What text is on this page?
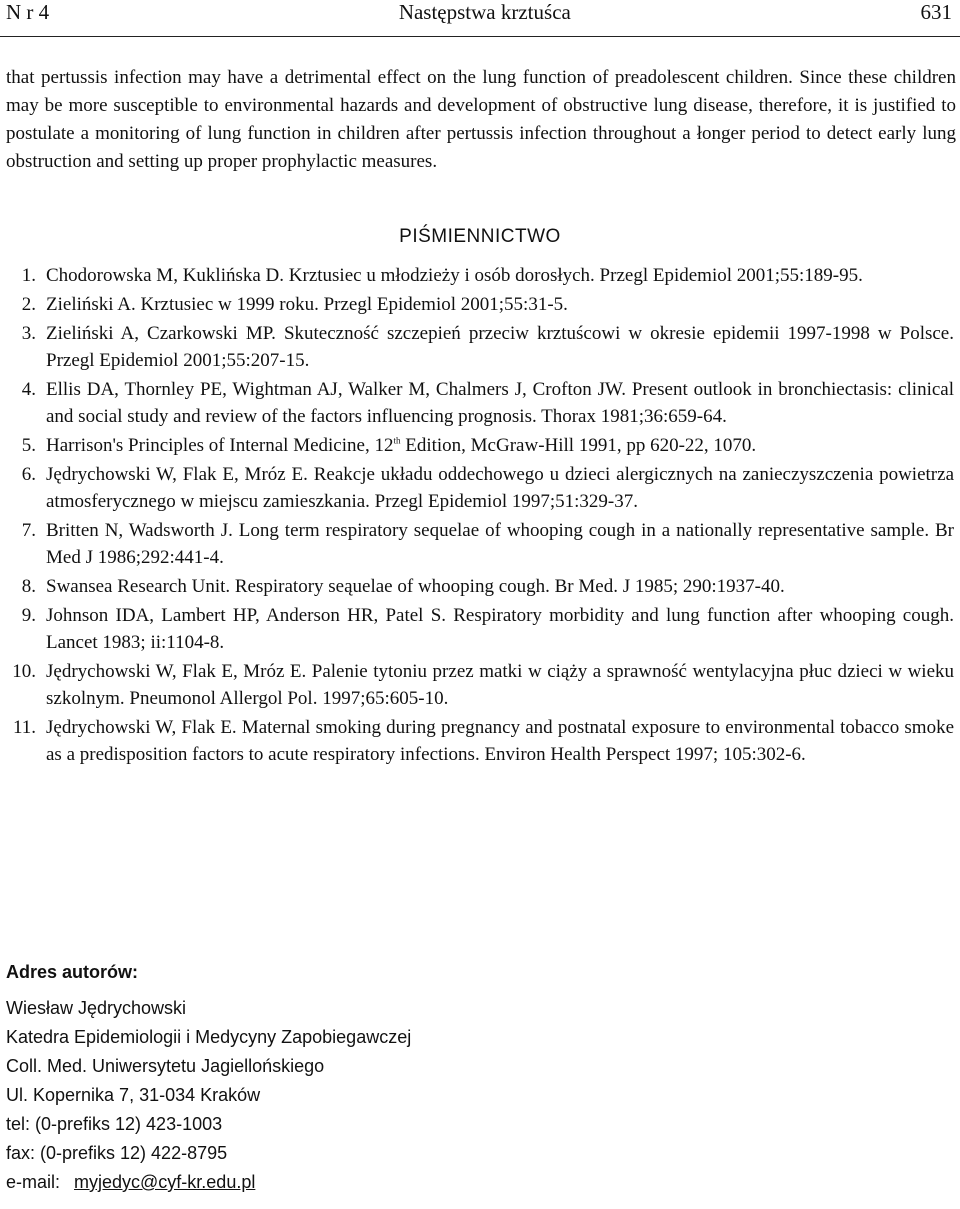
N r 4	Następstwa krztuśca	631

that pertussis infection may have a detrimental effect on the lung function of preadolescent children. Since these children may be more susceptible to environmental hazards and development of obstructive lung disease, therefore, it is justified to postulate a monitoring of lung function in children after pertussis infection throughout a łonger period to detect early lung obstruction and setting up proper prophylactic measures.

PIŚMIENNICTWO
1. Chodorowska M, Kuklińska D. Krztusiec u młodzieży i osób dorosłych. Przegl Epidemiol 2001;55:189-95.
2. Zieliński A. Krztusiec w 1999 roku. Przegl Epidemiol 2001;55:31-5.
3. Zieliński A, Czarkowski MP. Skuteczność szczepień przeciw krztuścowi w okresie epidemii 1997-1998 w Polsce. Przegl Epidemiol 2001;55:207-15.
4. Ellis DA, Thornley PE, Wightman AJ, Walker M, Chalmers J, Crofton JW. Present outlook in bronchiectasis: clinical and social study and review of the factors influencing prognosis. Thorax 1981;36:659-64.
5. Harrison's Principles of Internal Medicine, 12th Edition, McGraw-Hill 1991, pp 620-22, 1070.
6. Jędrychowski W, Flak E, Mróz E. Reakcje układu oddechowego u dzieci alergicznych na zanieczyszczenia powietrza atmosferycznego w miejscu zamieszkania. Przegl Epidemiol 1997;51:329-37.
7. Britten N, Wadsworth J. Long term respiratory sequelae of whooping cough in a nationally representative sample. Br Med J 1986;292:441-4.
8. Swansea Research Unit. Respiratory seąuelae of whooping cough. Br Med. J 1985; 290:1937-40.
9. Johnson IDA, Lambert HP, Anderson HR, Patel S. Respiratory morbidity and lung function after whooping cough. Lancet 1983; ii:1104-8.
10. Jędrychowski W, Flak E, Mróz E. Palenie tytoniu przez matki w ciąży a sprawność wentylacyjna płuc dzieci w wieku szkolnym. Pneumonol Allergol Pol. 1997;65:605-10.
11. Jędrychowski W, Flak E. Maternal smoking during pregnancy and postnatal exposure to environmental tobacco smoke as a predisposition factors to acute respiratory infections. Environ Health Perspect 1997; 105:302-6.
Adres autorów:
Wiesław Jędrychowski
Katedra Epidemiologii i Medycyny Zapobiegawczej
Coll. Med. Uniwersytetu Jagiellońskiego
Ul. Kopernika 7, 31-034 Kraków
tel: (0-prefiks 12) 423-1003
fax: (0-prefiks 12) 422-8795
e-mail: myjedyc@cyf-kr.edu.pl
